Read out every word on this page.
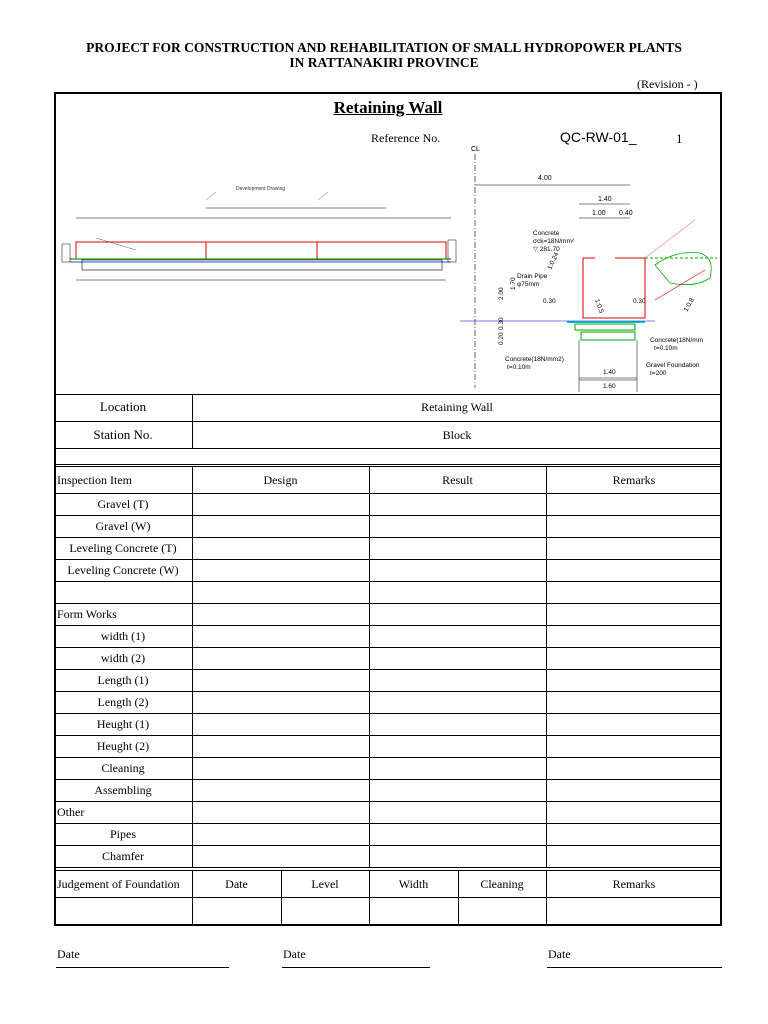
PROJECT FOR CONSTRUCTION AND REHABILITATION OF SMALL HYDROPOWER PLANTS
IN RATTANAKIRI PROVINCE
(Revision - )
Retaining Wall
Reference No.	QC-RW-01_	1
Development Drawing
CL
4.00
1.40
1.00 0.40
Concrete
σck=18N/mm²
▽ 281.70
1:0.24
1:0.5
Drain Pipe
φ75mm
2.00
1.70
0.30	0.30
0.30
0.20
1:0.8
Concrete(18N/mm
t=0.10m
Concrete(18N/mm2)
t=0.10m	Gravel Foundation
t=200
1.40
1.60
Location	Retaining Wall
Station No.	Block
Inspection Item	Design	Result	Remarks
Gravel (T)
Gravel (W)
Leveling Concrete (T)
Leveling Concrete (W)
Form Works
width (1)
width (2)
Length (1)
Length (2)
Heught (1)
Heught (2)
Cleaning
Assembling
Other
Pipes
Chamfer
Judgement of Foundation	Date	Level	Width	Cleaning	Remarks
Date	Date	Date
